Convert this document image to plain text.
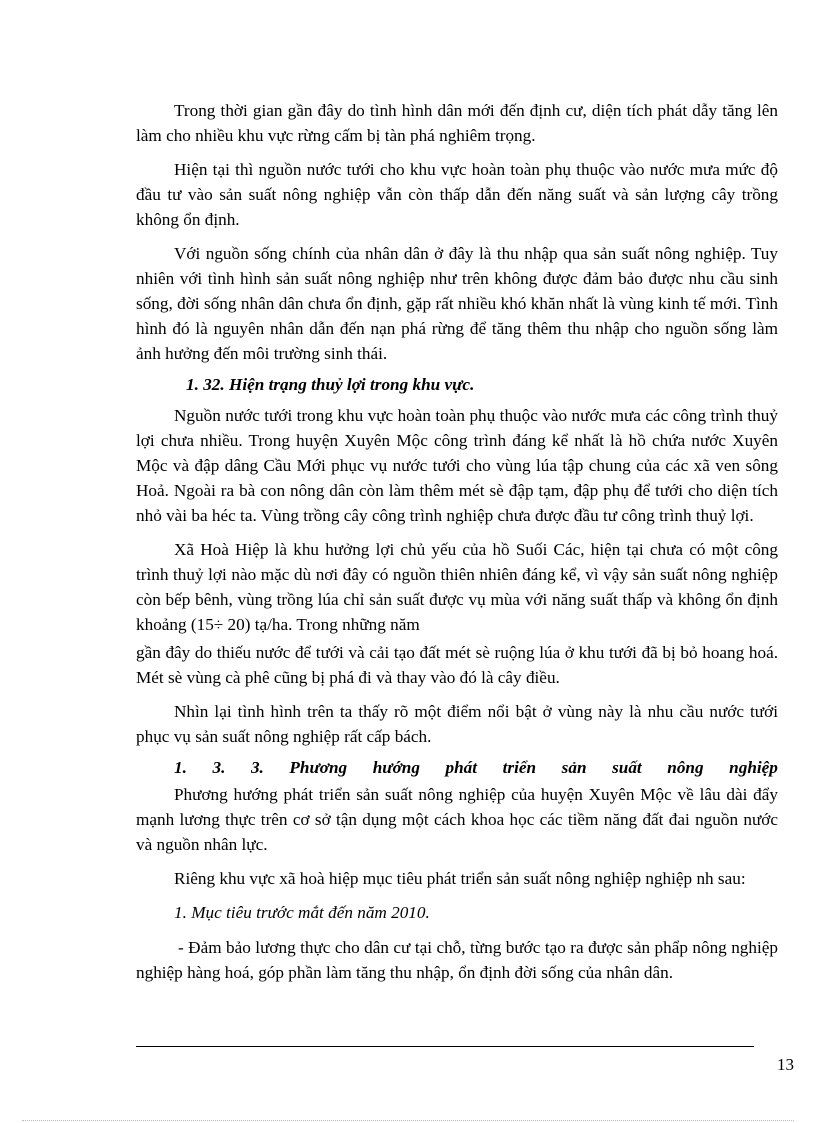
Trong thời gian gần đây do tình hình dân mới đến định cư, diện tích phát dẫy tăng lên làm cho nhiều khu vực rừng cấm bị tàn phá nghiêm trọng.

Hiện tại thì nguồn nước tưới cho khu vực hoàn toàn phụ thuộc vào nước mưa mức độ đầu tư vào sản suất nông nghiệp vẫn còn thấp dẫn đến năng suất và sản lượng cây trồng không ổn định.

Với nguồn sống chính của nhân dân ở đây là thu nhập qua sản suất nông nghiệp. Tuy nhiên với tình hình sản suất nông nghiệp như trên không được đảm bảo được nhu cầu sinh sống, đời sống nhân dân chưa ổn định, gặp rất nhiều khó khăn nhất là vùng kinh tế mới. Tình hình đó là nguyên nhân dẫn đến nạn phá rừng để tăng thêm thu nhập cho nguồn sống làm ảnh hưởng đến môi trường sinh thái.

1. 32. Hiện trạng thuỷ lợi trong khu vực.

Nguồn nước tưới trong khu vực hoàn toàn phụ thuộc vào nước mưa các công trình thuỷ lợi chưa nhiều. Trong huyện Xuyên Mộc công trình đáng kể nhất là hồ chứa nước Xuyên Mộc và đập dâng Cầu Mới phục vụ nước tưới cho vùng lúa tập chung của các xã ven sông Hoả. Ngoài ra bà con nông dân còn làm thêm mét sè đập tạm, đập phụ để tưới cho diện tích nhỏ vài ba héc ta. Vùng trồng cây công trình nghiệp chưa được đầu tư công trình thuỷ lợi.

Xã Hoà Hiệp là khu hưởng lợi chủ yếu của hồ Suối Các, hiện tại chưa có một công trình thuỷ lợi nào mặc dù nơi đây có nguồn thiên nhiên đáng kể, vì vậy sản suất nông nghiệp còn bếp bênh, vùng trồng lúa chỉ sản suất được vụ mùa với năng suất thấp và không ổn định khoảng (15÷ 20) tạ/ha. Trong những năm

gần đây do thiếu nước để tưới và cải tạo đất mét sè ruộng lúa ở khu tưới đã bị bỏ hoang hoá. Mét sè vùng cà phê cũng bị phá đi và thay vào đó là cây điều.

Nhìn lại tình hình trên ta thấy rõ một điểm nổi bật ở vùng này là nhu cầu nước tưới phục vụ sản suất nông nghiệp rất cấp bách.

1. 3. 3. Phương hướng phát triển sản suất nông nghiệp

Phương hướng phát triển sản suất nông nghiệp của huyện Xuyên Mộc về lâu dài đẩy mạnh lương thực trên cơ sở tận dụng một cách khoa học các tiềm năng đất đai nguồn nước và nguồn nhân lực.

Riêng khu vực xã hoà hiệp mục tiêu phát triển sản suất nông nghiệp nghiệp nh sau:

1. Mục tiêu trước mắt đến năm 2010.

- Đảm bảo lương thực cho dân cư tại chỗ, từng bước tạo ra được sản phẩp nông nghiệp nghiệp hàng hoá, góp phần làm tăng thu nhập, ổn định đời sống của nhân dân.

13
